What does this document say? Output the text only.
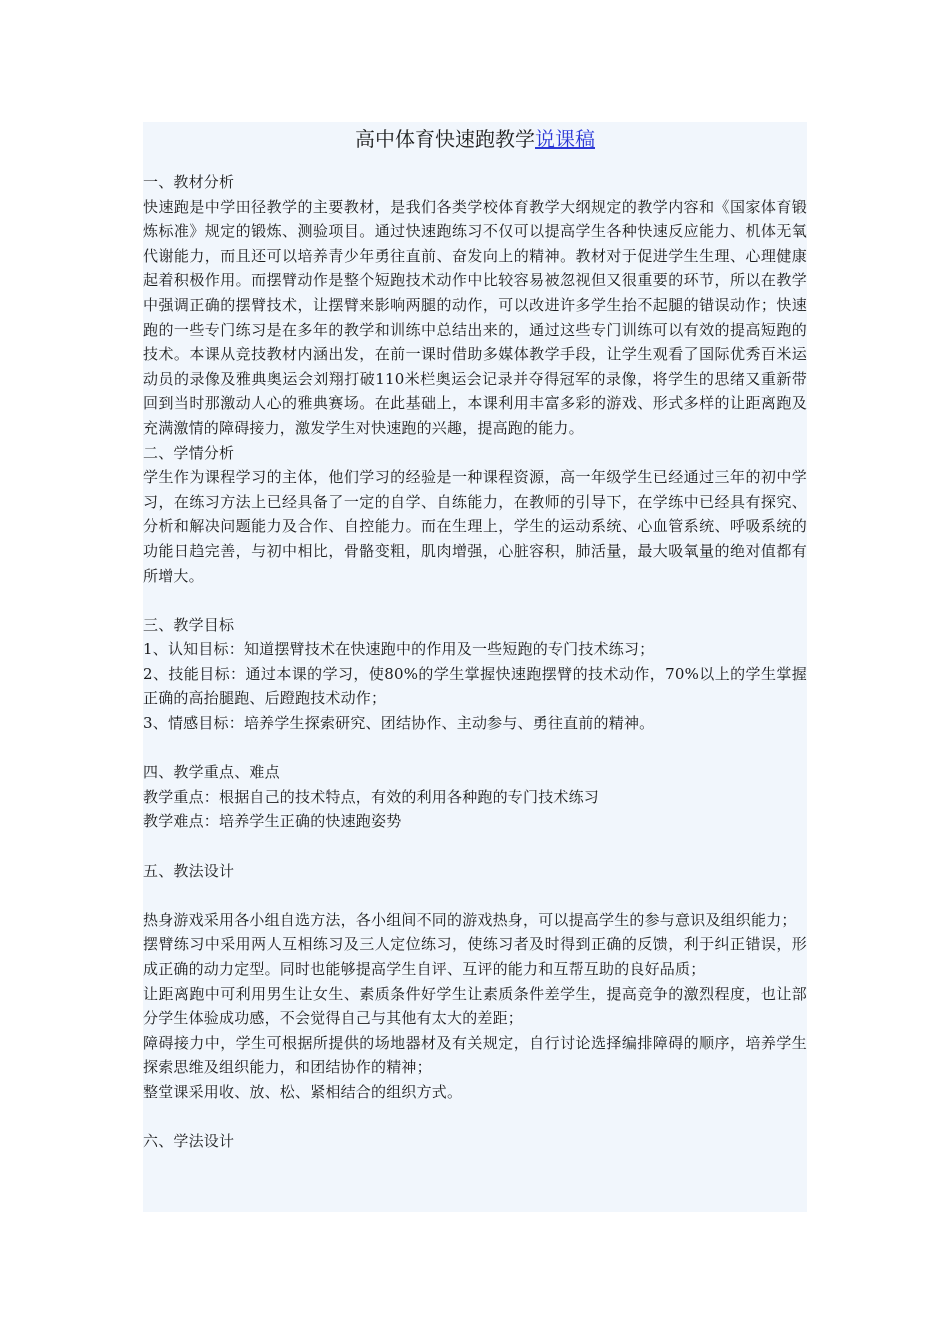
高中体育快速跑教学说课稿

一、教材分析

快速跑是中学田径教学的主要教材，是我们各类学校体育教学大纲规定的教学内容和《国家体育锻炼标准》规定的锻炼、测验项目。通过快速跑练习不仅可以提高学生各种快速反应能力、机体无氧代谢能力，而且还可以培养青少年勇往直前、奋发向上的精神。教材对于促进学生生理、心理健康起着积极作用。而摆臂动作是整个短跑技术动作中比较容易被忽视但又很重要的环节，所以在教学中强调正确的摆臂技术，让摆臂来影响两腿的动作，可以改进许多学生抬不起腿的错误动作；快速跑的一些专门练习是在多年的教学和训练中总结出来的，通过这些专门训练可以有效的提高短跑的技术。本课从竞技教材内涵出发，在前一课时借助多媒体教学手段，让学生观看了国际优秀百米运动员的录像及雅典奥运会刘翔打破110米栏奥运会记录并夺得冠军的录像，将学生的思绪又重新带回到当时那激动人心的雅典赛场。在此基础上，本课利用丰富多彩的游戏、形式多样的让距离跑及充满激情的障碍接力，激发学生对快速跑的兴趣，提高跑的能力。

二、学情分析

学生作为课程学习的主体，他们学习的经验是一种课程资源，高一年级学生已经通过三年的初中学习，在练习方法上已经具备了一定的自学、自练能力，在教师的引导下，在学练中已经具有探究、分析和解决问题能力及合作、自控能力。而在生理上，学生的运动系统、心血管系统、呼吸系统的功能日趋完善，与初中相比，骨骼变粗，肌肉增强，心脏容积，肺活量，最大吸氧量的绝对值都有所增大。

三、教学目标

1、认知目标：知道摆臂技术在快速跑中的作用及一些短跑的专门技术练习；

2、技能目标：通过本课的学习，使80%的学生掌握快速跑摆臂的技术动作，70%以上的学生掌握正确的高抬腿跑、后蹬跑技术动作；

3、情感目标：培养学生探索研究、团结协作、主动参与、勇往直前的精神。

四、教学重点、难点

教学重点：根据自己的技术特点，有效的利用各种跑的专门技术练习

教学难点：培养学生正确的快速跑姿势

五、教法设计

热身游戏采用各小组自选方法，各小组间不同的游戏热身，可以提高学生的参与意识及组织能力；

摆臂练习中采用两人互相练习及三人定位练习，使练习者及时得到正确的反馈，利于纠正错误，形成正确的动力定型。同时也能够提高学生自评、互评的能力和互帮互助的良好品质；

让距离跑中可利用男生让女生、素质条件好学生让素质条件差学生，提高竞争的激烈程度，也让部分学生体验成功感，不会觉得自己与其他有太大的差距；

障碍接力中，学生可根据所提供的场地器材及有关规定，自行讨论选择编排障碍的顺序，培养学生探索思维及组织能力，和团结协作的精神；

整堂课采用收、放、松、紧相结合的组织方式。

六、学法设计
